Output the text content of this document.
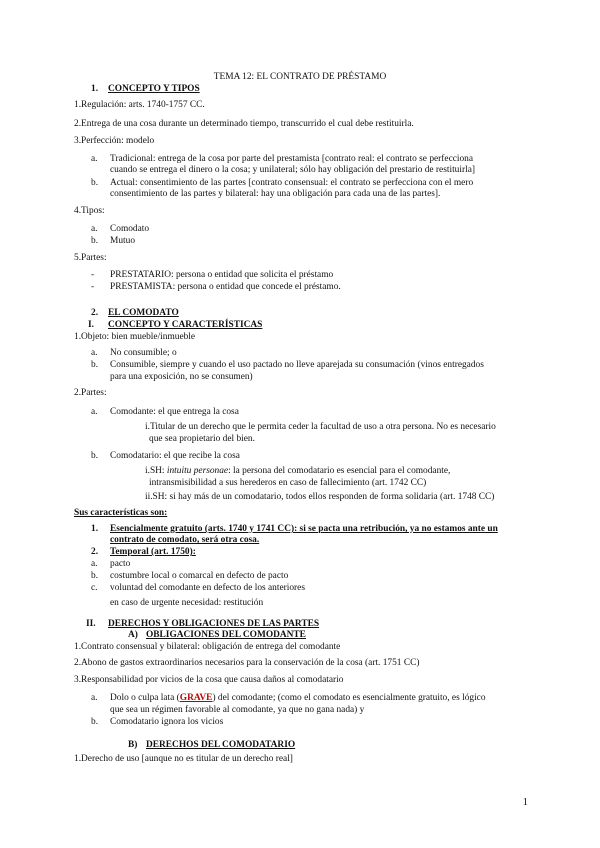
TEMA 12: EL CONTRATO DE PRÉSTAMO
1. CONCEPTO Y TIPOS
1.Regulación: arts. 1740-1757 CC.
2.Entrega de una cosa durante un determinado tiempo, transcurrido el cual debe restituirla.
3.Perfección: modelo
a. Tradicional: entrega de la cosa por parte del prestamista [contrato real: el contrato se perfecciona
cuando se entrega el dinero o la cosa; y unilateral; sólo hay obligación del prestario de restituirla]
b. Actual: consentimiento de las partes [contrato consensual: el contrato se perfecciona con el mero
consentimiento de las partes y bilateral: hay una obligación para cada una de las partes].
4.Tipos:
a. Comodato
b. Mutuo
5.Partes:
- PRESTATARIO: persona o entidad que solicita el préstamo
- PRESTAMISTA: persona o entidad que concede el préstamo.
2. EL COMODATO
I. CONCEPTO Y CARACTERÍSTICAS
1.Objeto: bien mueble/inmueble
a. No consumible; o
b. Consumible, siempre y cuando el uso pactado no lleve aparejada su consumación (vinos entregados
para una exposición, no se consumen)
2.Partes:
a. Comodante: el que entrega la cosa
i.Titular de un derecho que le permita ceder la facultad de uso a otra persona. No es necesario
que sea propietario del bien.
b. Comodatario: el que recibe la cosa
i.SH: intuitu personae: la persona del comodatario es esencial para el comodante,
intransmisibilidad a sus herederos en caso de fallecimiento (art. 1742 CC)
ii.SH: si hay más de un comodatario, todos ellos responden de forma solidaria (art. 1748 CC)
Sus características son:
1. Esencialmente gratuito (arts. 1740 y 1741 CC): si se pacta una retribución, ya no estamos ante un
contrato de comodato, será otra cosa.
2. Temporal (art. 1750):
a. pacto
b. costumbre local o comarcal en defecto de pacto
c. voluntad del comodante en defecto de los anteriores
en caso de urgente necesidad: restitución
II. DERECHOS Y OBLIGACIONES DE LAS PARTES
A) OBLIGACIONES DEL COMODANTE
1.Contrato consensual y bilateral: obligación de entrega del comodante
2.Abono de gastos extraordinarios necesarios para la conservación de la cosa (art. 1751 CC)
3.Responsabilidad por vicios de la cosa que causa daños al comodatario
a. Dolo o culpa lata (GRAVE) del comodante; (como el comodato es esencialmente gratuito, es lógico
que sea un régimen favorable al comodante, ya que no gana nada) y
b. Comodatario ignora los vicios
B) DERECHOS DEL COMODATARIO
1.Derecho de uso [aunque no es titular de un derecho real]
1
